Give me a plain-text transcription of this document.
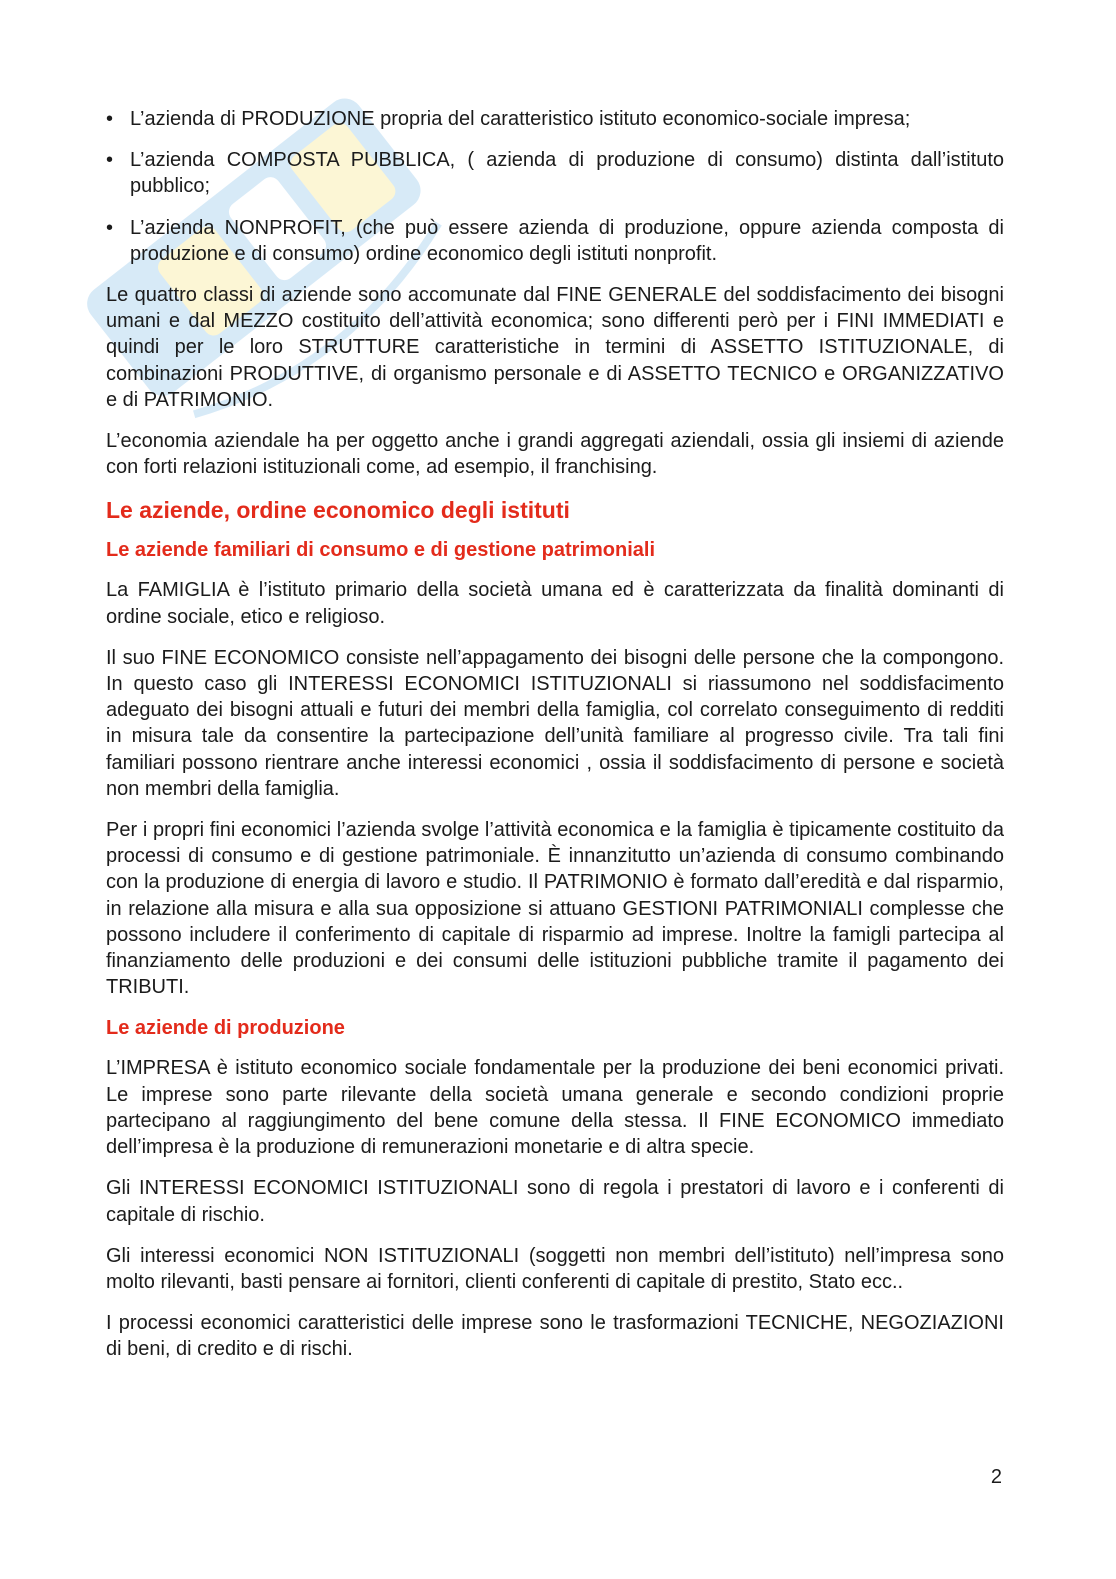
• L’azienda di PRODUZIONE propria del caratteristico istituto economico-sociale impresa;
• L’azienda COMPOSTA PUBBLICA, ( azienda di produzione di consumo) distinta dall’istituto pubblico;
• L’azienda NONPROFIT, (che può essere azienda di produzione, oppure azienda composta di produzione e di consumo) ordine economico degli istituti nonprofit.

Le quattro classi di aziende sono accomunate dal FINE GENERALE del soddisfacimento dei bisogni umani e dal MEZZO costituito dell’attività economica; sono differenti però per i FINI IMMEDIATI e quindi per le loro STRUTTURE caratteristiche in termini di ASSETTO ISTITUZIONALE, di combinazioni PRODUTTIVE, di organismo personale e di ASSETTO TECNICO e ORGANIZZATIVO e di PATRIMONIO.

L’economia aziendale ha per oggetto anche i grandi aggregati aziendali, ossia gli insiemi di aziende con forti relazioni istituzionali come, ad esempio, il franchising.

Le aziende, ordine economico degli istituti
Le aziende familiari di consumo e di gestione patrimoniali

La FAMIGLIA è l’istituto primario della società umana ed è caratterizzata da finalità dominanti di ordine sociale, etico e religioso.

Il suo FINE ECONOMICO consiste nell’appagamento dei bisogni delle persone che la compongono. In questo caso gli INTERESSI ECONOMICI ISTITUZIONALI si riassumono nel soddisfacimento adeguato dei bisogni attuali e futuri dei membri della famiglia, col correlato conseguimento di redditi in misura tale da consentire la partecipazione dell’unità familiare al progresso civile. Tra tali fini familiari possono rientrare anche interessi economici , ossia il soddisfacimento di persone e società non membri della famiglia.

Per i propri fini economici l’azienda svolge l’attività economica e la famiglia è tipicamente costituito da processi di consumo e di gestione patrimoniale. È innanzitutto un’azienda di consumo combinando con la produzione di energia di lavoro e studio. Il PATRIMONIO è formato dall’eredità e dal risparmio, in relazione alla misura e alla sua opposizione si attuano GESTIONI PATRIMONIALI complesse che possono includere il conferimento di capitale di risparmio ad imprese. Inoltre la famigli partecipa al finanziamento delle produzioni e dei consumi delle istituzioni pubbliche tramite il pagamento dei TRIBUTI.

Le aziende di produzione

L’IMPRESA è istituto economico sociale fondamentale per la produzione dei beni economici privati. Le imprese sono parte rilevante della società umana generale e secondo condizioni proprie partecipano al raggiungimento del bene comune della stessa. Il FINE ECONOMICO immediato dell’impresa è la produzione di remunerazioni monetarie e di altra specie.

Gli INTERESSI ECONOMICI ISTITUZIONALI sono di regola i prestatori di lavoro e i conferenti di capitale di rischio.

Gli interessi economici NON ISTITUZIONALI (soggetti non membri dell’istituto) nell’impresa sono molto rilevanti, basti pensare ai fornitori, clienti conferenti di capitale di prestito, Stato ecc..

I processi economici caratteristici delle imprese sono le trasformazioni TECNICHE, NEGOZIAZIONI di beni, di credito e di rischi.

2
